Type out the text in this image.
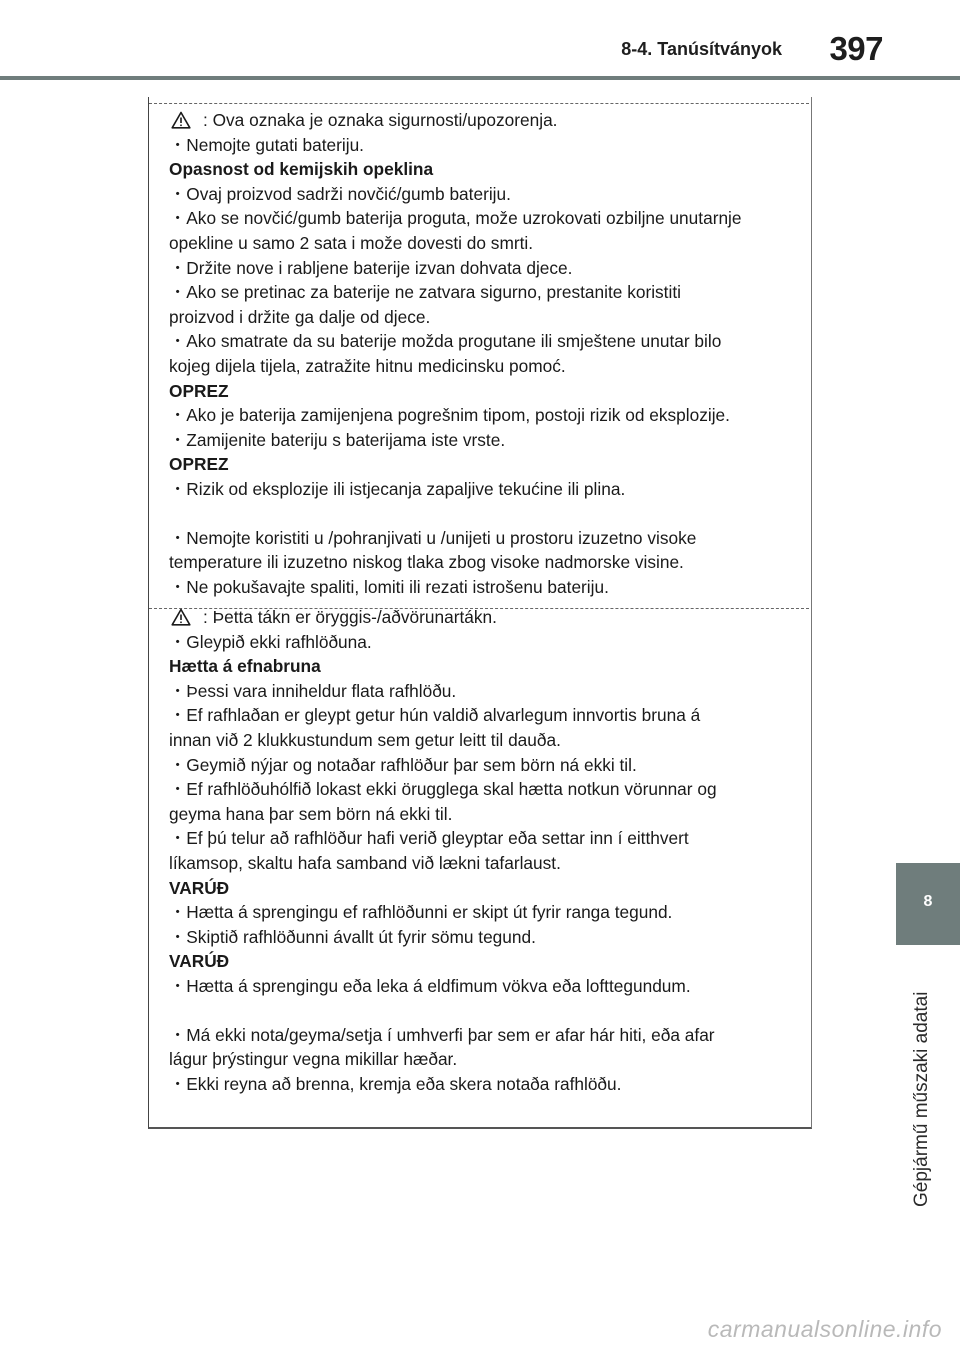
8-4. Tanúsítványok 397
: Ova oznaka je oznaka sigurnosti/upozorenja.
・Nemojte gutati bateriju.
Opasnost od kemijskih opeklina
・Ovaj proizvod sadrži novčić/gumb bateriju.
・Ako se novčić/gumb baterija proguta, može uzrokovati ozbiljne unutarnje
opekline u samo 2 sata i može dovesti do smrti.
・Držite nove i rabljene baterije izvan dohvata djece.
・Ako se pretinac za baterije ne zatvara sigurno, prestanite koristiti
proizvod i držite ga dalje od djece.
・Ako smatrate da su baterije možda progutane ili smještene unutar bilo
kojeg dijela tijela, zatražite hitnu medicinsku pomoć.
OPREZ
・Ako je baterija zamijenjena pogrešnim tipom, postoji rizik od eksplozije.
・Zamijenite bateriju s baterijama iste vrste.
OPREZ
・Rizik od eksplozije ili istjecanja zapaljive tekućine ili plina.
・Nemojte koristiti u /pohranjivati u /unijeti u prostoru izuzetno visoke
temperature ili izuzetno niskog tlaka zbog visoke nadmorske visine.
・Ne pokušavajte spaliti, lomiti ili rezati istrošenu bateriju.
: Þetta tákn er öryggis-/aðvörunartákn.
・Gleypið ekki rafhlöðuna.
Hætta á efnabruna
・Þessi vara inniheldur flata rafhlöðu.
・Ef rafhlaðan er gleypt getur hún valdið alvarlegum innvortis bruna á
innan við 2 klukkustundum sem getur leitt til dauða.
・Geymið nýjar og notaðar rafhlöður þar sem börn ná ekki til.
・Ef rafhlöðuhólfið lokast ekki örugglega skal hætta notkun vörunnar og
geyma hana þar sem börn ná ekki til.
・Ef þú telur að rafhlöður hafi verið gleyptar eða settar inn í eitthvert
líkamsop, skaltu hafa samband við lækni tafarlaust.
VARÚÐ
・Hætta á sprengingu ef rafhlöðunni er skipt út fyrir ranga tegund.
・Skiptið rafhlöðunni ávallt út fyrir sömu tegund.
VARÚÐ
・Hætta á sprengingu eða leka á eldfimum vökva eða lofttegundum.
・Má ekki nota/geyma/setja í umhverfi þar sem er afar hár hiti, eða afar
lágur þrýstingur vegna mikillar hæðar.
・Ekki reyna að brenna, kremja eða skera notaða rafhlöðu.
8
Gépjármű műszaki adatai
carmanualsonline.info
